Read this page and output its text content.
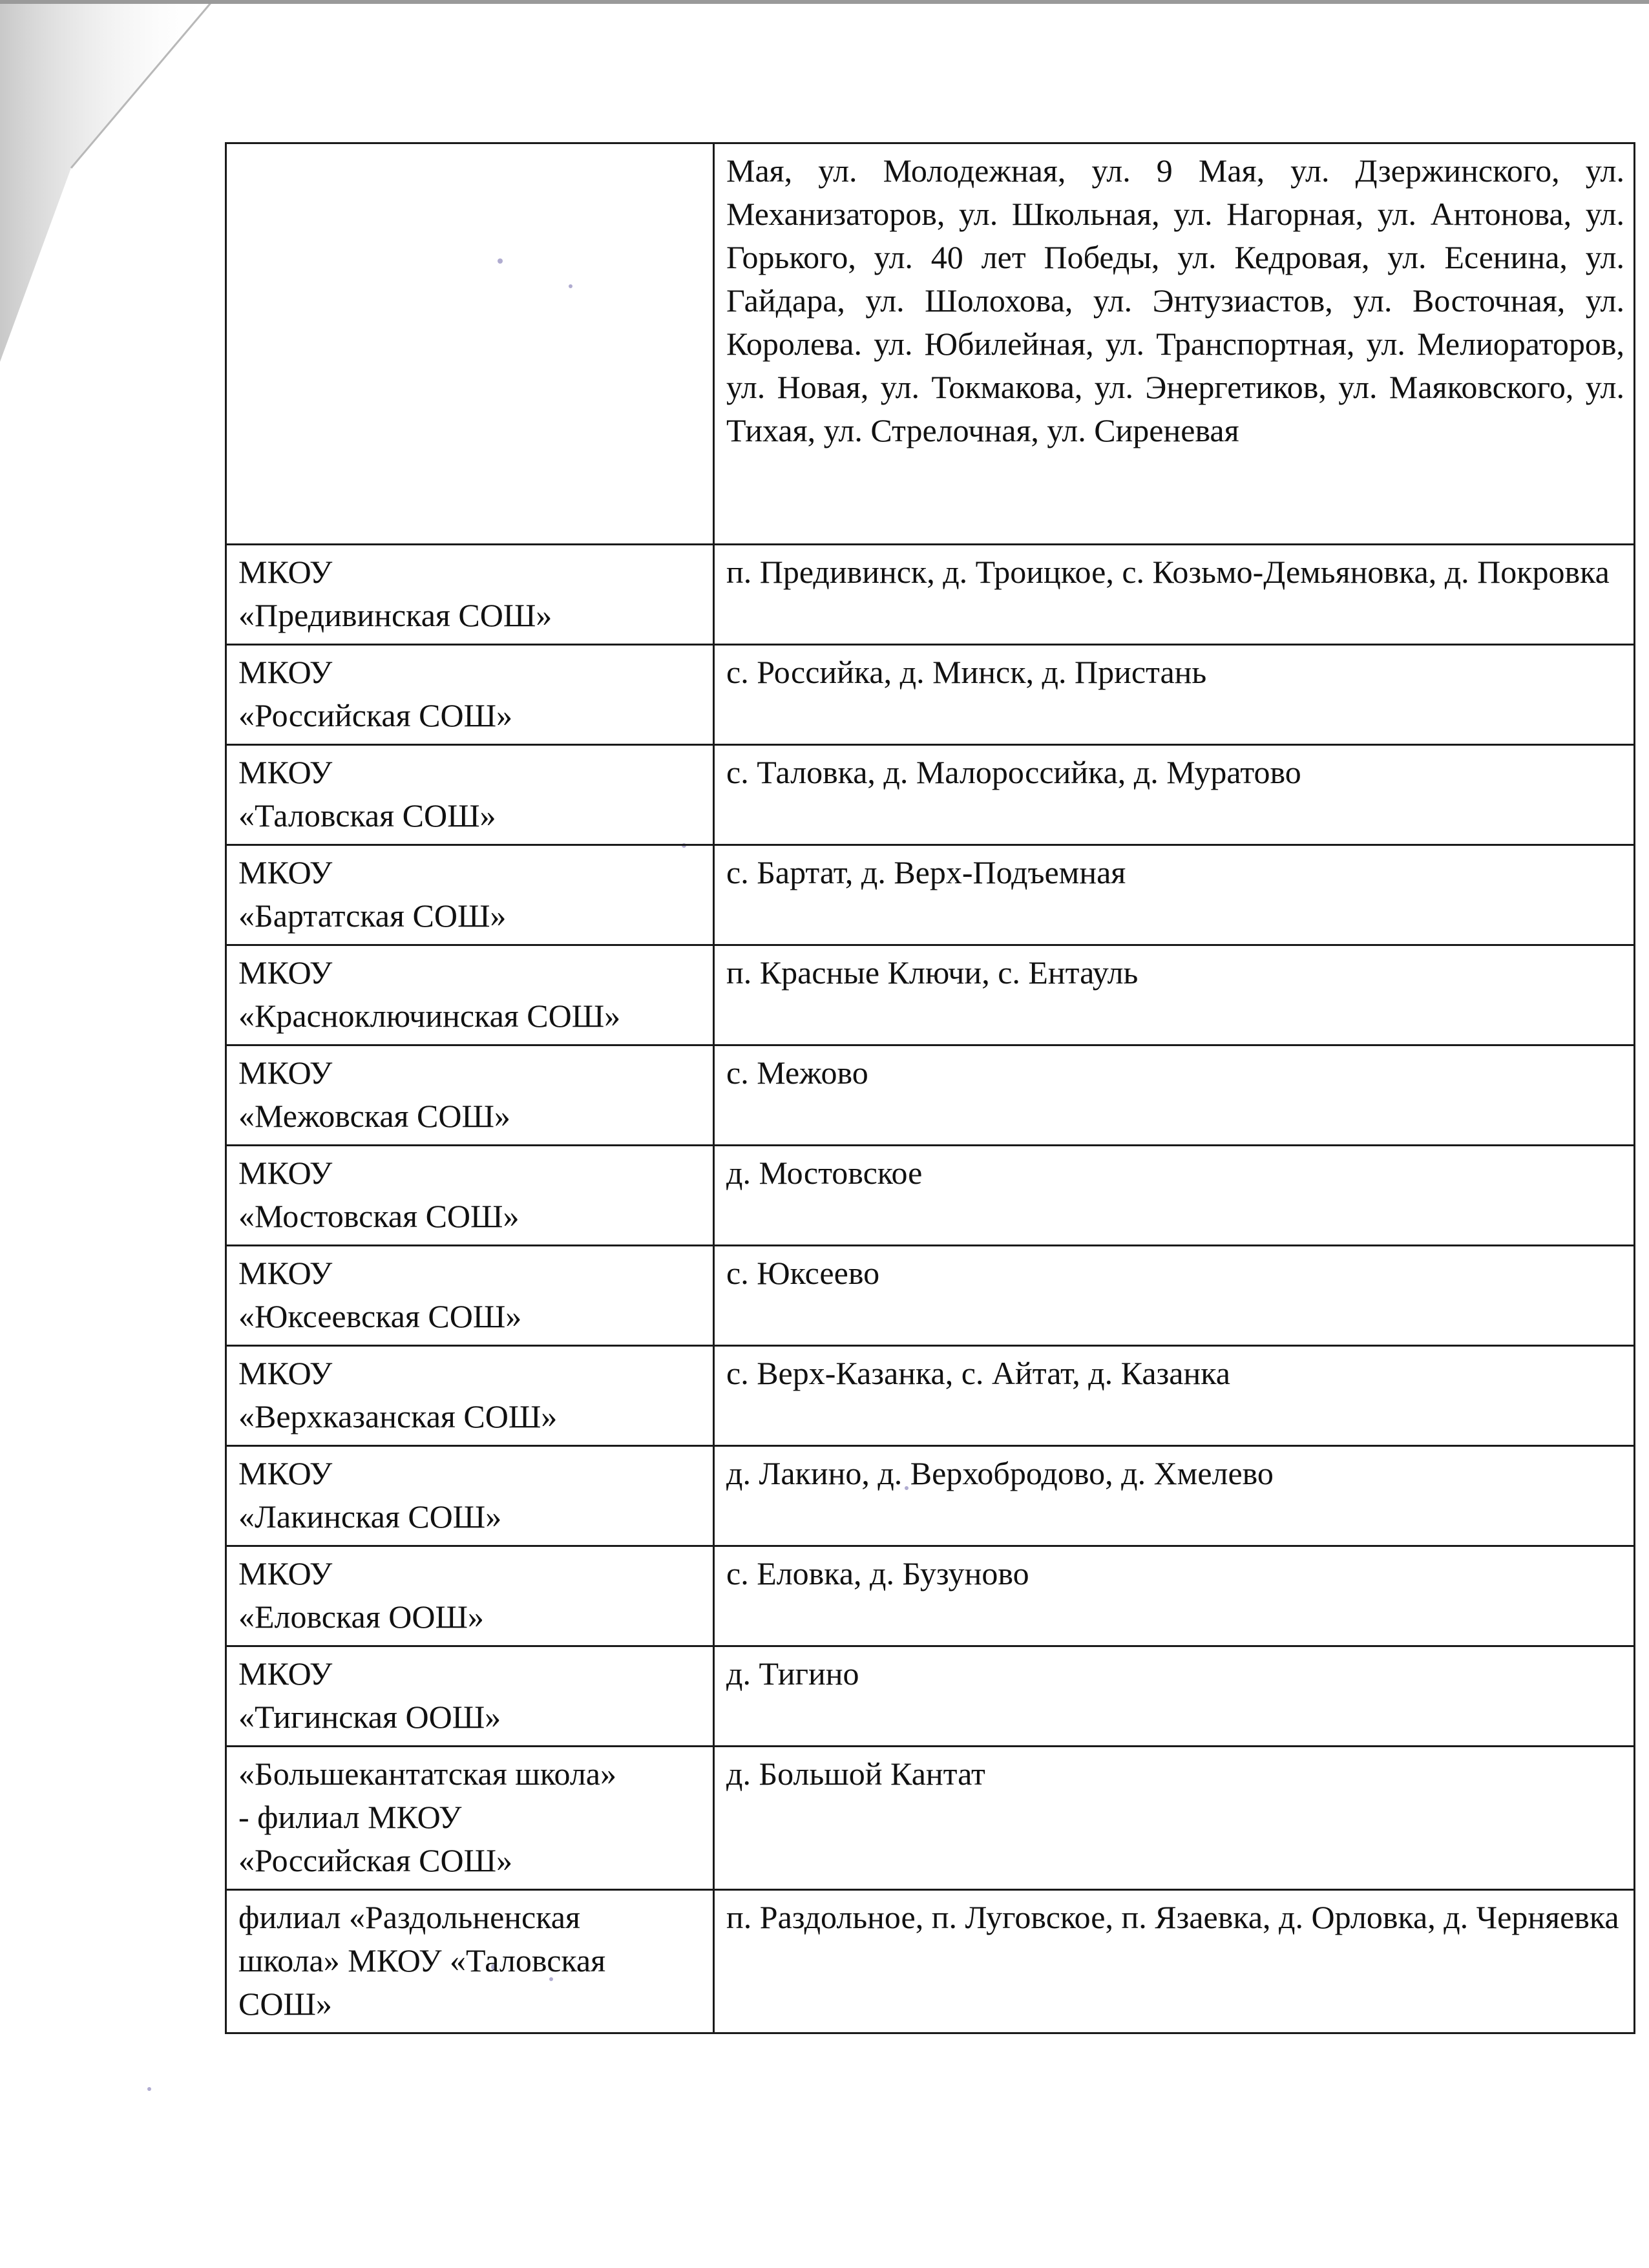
	Мая, ул. Молодежная, ул. 9 Мая, ул. Дзержинского, ул. Механизаторов, ул. Школьная, ул. Нагорная, ул. Антонова, ул. Горького, ул. 40 лет Победы, ул. Кедровая, ул. Есенина, ул. Гайдара, ул. Шолохова, ул. Энтузиастов, ул. Восточная, ул. Королева. ул. Юбилейная, ул. Транспортная, ул. Мелиораторов, ул. Новая, ул. Токмакова, ул. Энергетиков, ул. Маяковского, ул. Тихая, ул. Стрелочная, ул. Сиреневая

МКОУ
«Предивинская СОШ»	п. Предивинск, д. Троицкое, с. Козьмо-Демьяновка, д. Покровка

МКОУ
«Российская СОШ»	с. Российка, д. Минск, д. Пристань

МКОУ
«Таловская СОШ»	с. Таловка, д. Малороссийка, д. Муратово

МКОУ
«Бартатская СОШ»	с. Бартат, д. Верх-Подъемная

МКОУ
«Красноключинская СОШ»	п. Красные Ключи, с. Ентауль

МКОУ
«Межовская СОШ»	с. Межово

МКОУ
«Мостовская СОШ»	д. Мостовское

МКОУ
«Юксеевская СОШ»	с. Юксеево

МКОУ
«Верхказанская СОШ»	с. Верх-Казанка, с. Айтат, д. Казанка

МКОУ
«Лакинская СОШ»	д. Лакино, д. Верхобродово, д. Хмелево

МКОУ
«Еловская ООШ»	с. Еловка, д. Бузуново

МКОУ
«Тигинская ООШ»	д. Тигино

«Большекантатская школа»
- филиал МКОУ
«Российская СОШ»	д. Большой Кантат

филиал «Раздольненская
школа» МКОУ «Таловская
СОШ»	п. Раздольное, п. Луговское, п. Язаевка, д. Орловка, д. Черняевка
